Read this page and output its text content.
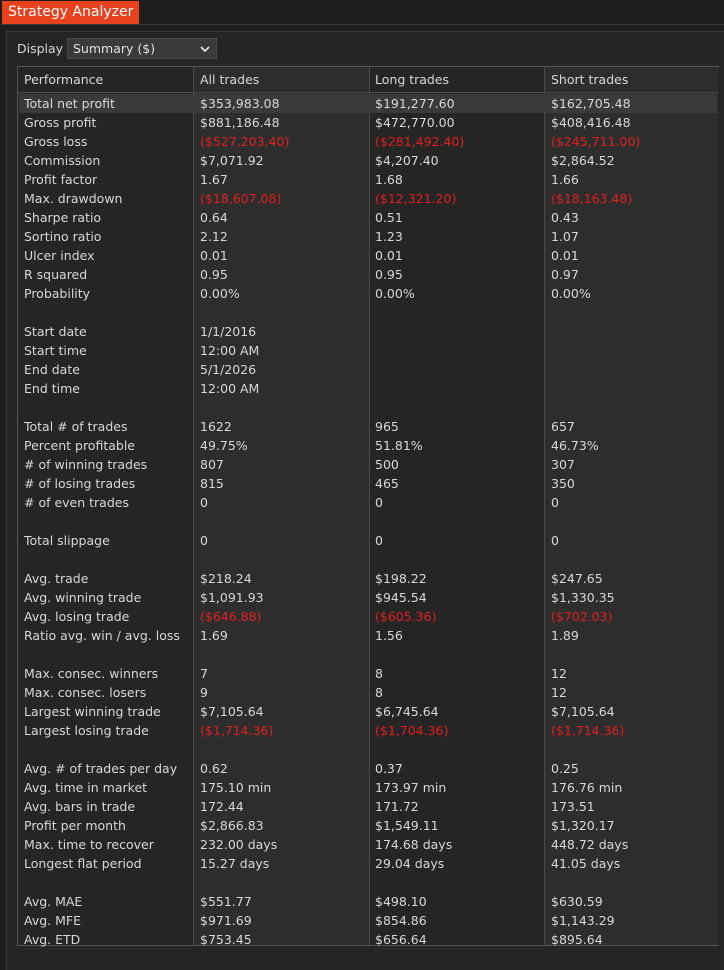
Strategy Analyzer
Display Summary ($)
Performance	All trades	Long trades	Short trades
Total net profit	$353,983.08	$191,277.60	$162,705.48
Gross profit	$881,186.48	$472,770.00	$408,416.48
Gross loss	($527,203.40)	($281,492.40)	($245,711.00)
Commission	$7,071.92	$4,207.40	$2,864.52
Profit factor	1.67	1.68	1.66
Max. drawdown	($18,607.08)	($12,321.20)	($18,163.48)
Sharpe ratio	0.64	0.51	0.43
Sortino ratio	2.12	1.23	1.07
Ulcer index	0.01	0.01	0.01
R squared	0.95	0.95	0.97
Probability	0.00%	0.00%	0.00%
Start date	1/1/2016
Start time	12:00 AM
End date	5/1/2026
End time	12:00 AM
Total # of trades	1622	965	657
Percent profitable	49.75%	51.81%	46.73%
# of winning trades	807	500	307
# of losing trades	815	465	350
# of even trades	0	0	0
Total slippage	0	0	0
Avg. trade	$218.24	$198.22	$247.65
Avg. winning trade	$1,091.93	$945.54	$1,330.35
Avg. losing trade	($646.88)	($605.36)	($702.03)
Ratio avg. win / avg. loss 1.69	1.56	1.89
Max. consec. winners	7	8	12
Max. consec. losers	9	8	12
Largest winning trade	$7,105.64	$6,745.64	$7,105.64
Largest losing trade	($1,714.36)	($1,704.36)	($1,714.36)
Avg. # of trades per day 0.62	0.37	0.25
Avg. time in market	175.10 min	173.97 min	176.76 min
Avg. bars in trade	172.44	171.72	173.51
Profit per month	$2,866.83	$1,549.11	$1,320.17
Max. time to recover	232.00 days	174.68 days	448.72 days
Longest flat period	15.27 days	29.04 days	41.05 days
Avg. MAE	$551.77	$498.10	$630.59
Avg. MFE	$971.69	$854.86	$1,143.29
Avg. ETD	$753.45	$656.64	$895.64
